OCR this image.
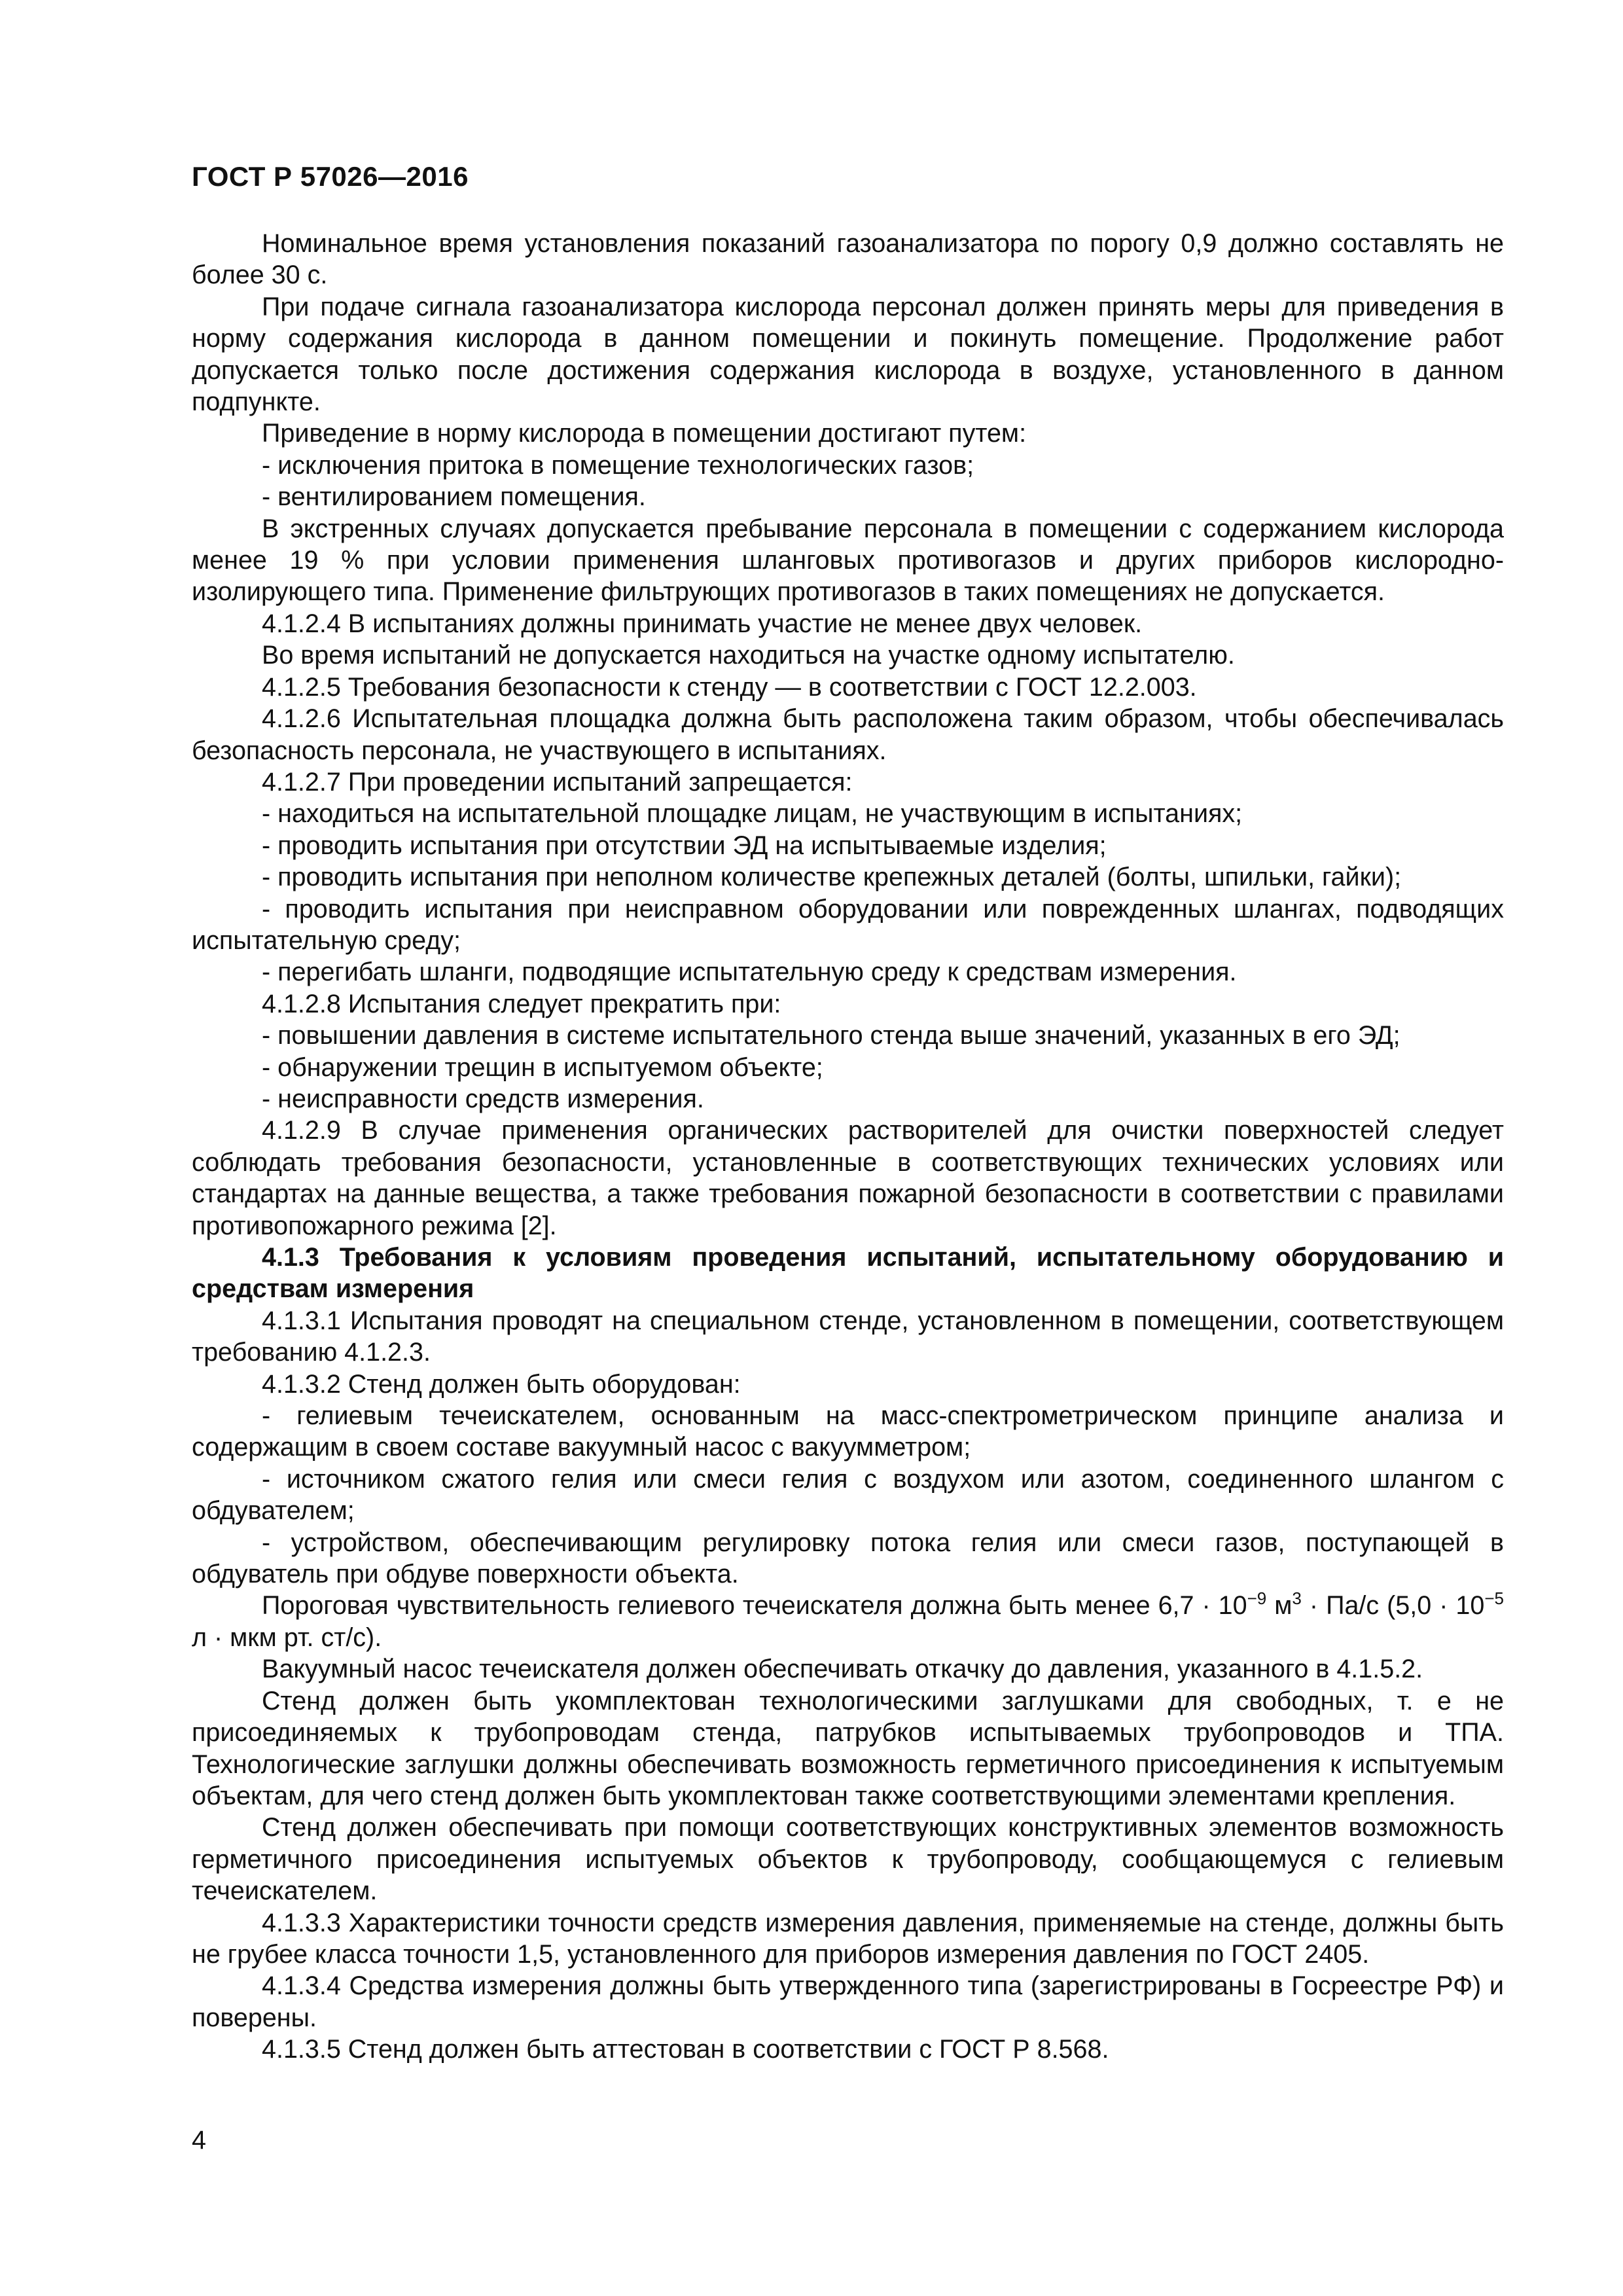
ГОСТ Р 57026—2016

Номинальное время установления показаний газоанализатора по порогу 0,9 должно составлять не более 30 с.

При подаче сигнала газоанализатора кислорода персонал должен принять меры для приведения в норму содержания кислорода в данном помещении и покинуть помещение. Продолжение работ допускается только после достижения содержания кислорода в воздухе, установленного в данном подпункте.

Приведение в норму кислорода в помещении достигают путем:

- исключения притока в помещение технологических газов;

- вентилированием помещения.

В экстренных случаях допускается пребывание персонала в помещении с содержанием кислорода менее 19 % при условии применения шланговых противогазов и других приборов кислородно-изолирующего типа. Применение фильтрующих противогазов в таких помещениях не допускается.

4.1.2.4 В испытаниях должны принимать участие не менее двух человек.

Во время испытаний не допускается находиться на участке одному испытателю.

4.1.2.5 Требования безопасности к стенду — в соответствии с ГОСТ 12.2.003.

4.1.2.6 Испытательная площадка должна быть расположена таким образом, чтобы обеспечивалась безопасность персонала, не участвующего в испытаниях.

4.1.2.7 При проведении испытаний запрещается:

- находиться на испытательной площадке лицам, не участвующим в испытаниях;

- проводить испытания при отсутствии ЭД на испытываемые изделия;

- проводить испытания при неполном количестве крепежных деталей (болты, шпильки, гайки);

- проводить испытания при неисправном оборудовании или поврежденных шлангах, подводящих испытательную среду;

- перегибать шланги, подводящие испытательную среду к средствам измерения.

4.1.2.8 Испытания следует прекратить при:

- повышении давления в системе испытательного стенда выше значений, указанных в его ЭД;

- обнаружении трещин в испытуемом объекте;

- неисправности средств измерения.

4.1.2.9 В случае применения органических растворителей для очистки поверхностей следует соблюдать требования безопасности, установленные в соответствующих технических условиях или стандартах на данные вещества, а также требования пожарной безопасности в соответствии с правилами противопожарного режима [2].

4.1.3 Требования к условиям проведения испытаний, испытательному оборудованию и средствам измерения

4.1.3.1 Испытания проводят на специальном стенде, установленном в помещении, соответствующем требованию 4.1.2.3.

4.1.3.2 Стенд должен быть оборудован:

- гелиевым течеискателем, основанным на масс-спектрометрическом принципе анализа и содержащим в своем составе вакуумный насос с вакуумметром;

- источником сжатого гелия или смеси гелия с воздухом или азотом, соединенного шлангом с обдувателем;

- устройством, обеспечивающим регулировку потока гелия или смеси газов, поступающей в обдуватель при обдуве поверхности объекта.

Пороговая чувствительность гелиевого течеискателя должна быть менее $6,7 \cdot 10^{-9}$ $м^3 \cdot Па/с$ ($5,0 \cdot 10^{-5}$ л · мкм рт. ст/с).

Вакуумный насос течеискателя должен обеспечивать откачку до давления, указанного в 4.1.5.2.

Стенд должен быть укомплектован технологическими заглушками для свободных, т. е не присоединяемых к трубопроводам стенда, патрубков испытываемых трубопроводов и ТПА. Технологические заглушки должны обеспечивать возможность герметичного присоединения к испытуемым объектам, для чего стенд должен быть укомплектован также соответствующими элементами крепления.

Стенд должен обеспечивать при помощи соответствующих конструктивных элементов возможность герметичного присоединения испытуемых объектов к трубопроводу, сообщающемуся с гелиевым течеискателем.

4.1.3.3 Характеристики точности средств измерения давления, применяемые на стенде, должны быть не грубее класса точности 1,5, установленного для приборов измерения давления по ГОСТ 2405.

4.1.3.4 Средства измерения должны быть утвержденного типа (зарегистрированы в Госреестре РФ) и поверены.

4.1.3.5 Стенд должен быть аттестован в соответствии с ГОСТ Р 8.568.

4
